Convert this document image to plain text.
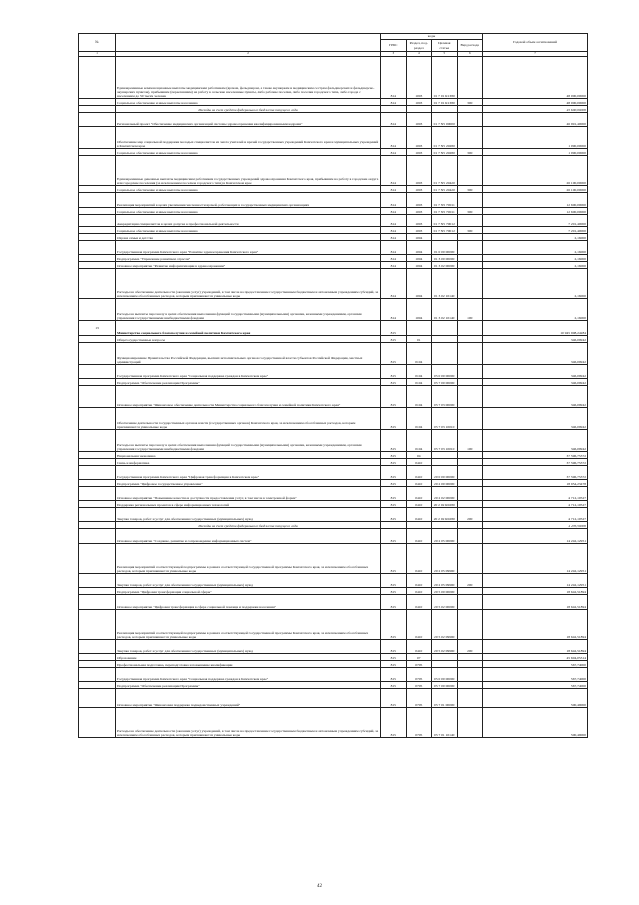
№		коды				Годовой объем ассигнований
		ГРБС	Раздел, под-раздел	Целевая статья	Вид расхода	
1	2	3	4	5	6	7
	Единовременные компенсационные выплаты медицинским работникам (врачам, фельдшерам, а также акушеркам и медицинским сестрам фельдшерских и фельдшерско-акушерских пунктов), прибывшим (переехавшим) на работу в сельские населенные пункты, либо рабочие поселки, либо поселки городского типа, либо города с населением до 50 тысяч человек	814	1003	01 7 01 R1380		48 000,00000
	Социальное обеспечение и иные выплаты населению	814	1003	01 7 01 R1380	300	48 000,00000
	Расходы за счет средств федерального бюджета текущего года					45 600,00000
	Региональный проект "Обеспечение медицинских организаций системы здравоохранения квалифицированными кадрами"	814	1003	01 7 N5 00000		46 991,40000
	Обеспечение мер социальной поддержки молодых специалистов из числа учителей и врачей государственных учреждений Камчатского края и муниципальных учреждений в Камчатском крае	814	1003	01 7 N5 20280		1 090,00000
	Социальное обеспечение и иные выплаты населению	814	1003	01 7 N5 20280	300	1 090,00000
	Единовременные денежные выплаты медицинским работникам государственных учреждений здравоохранения Камчатского края, прибывшим на работу в городские округа или городские поселения (за исключением поселков городского типа) в Камчатском крае	814	1003	01 7 N5 20420		26 100,00000
	Социальное обеспечение и иные выплаты населению	814	1003	01 7 N5 20420	300	26 100,00000
	Реализация мероприятий в целях увеличения численности врачей, работающих в государственных медицинских организациях	814	1003	01 7 N5 70011		12 600,00000
	Социальное обеспечение и иные выплаты населению	814	1003	01 7 N5 70011	300	12 600,00000
	Аккредитация специалистов в целях допуска к профессиональной деятельности	814	1003	01 7 N5 70012		7 201,40000
	Социальное обеспечение и иные выплаты населению	814	1003	01 7 N5 70012	300	7 201,40000
	Охрана семьи и детства	814	1004			2,16000
	Государственная программа Камчатского края "Развитие здравоохранения Камчатского края"	814	1004	01 0 00 00000		2,16000
	Подпрограмма "Управление развитием отрасли"	814	1004	01 3 00 00000		2,16000
	Основное мероприятие "Развитие информатизации в здравоохранении"	814	1004	01 3 02 00000		2,16000
	Расходы на обеспечение деятельности (оказание услуг) учреждений, в том числе на предоставление государственным бюджетным и автономным учреждениям субсидий, за исключением обособленных расходов, которым присваиваются уникальные коды	814	1004	01 3 02 10140		2,16000
	Расходы на выплаты персоналу в целях обеспечения выполнения функций государственными (муниципальными) органами, казенными учреждениями, органами управления государственными внебюджетными фондами	814	1004	01 3 02 10140	100	2,16000
13	Министерство социального благополучия и семейной политики Камчатского края	815				10 945 908,24284
	Общегосударственные вопросы	815	01			346,09942
	Функционирование Правительства Российской Федерации, высших исполнительных органов государственной власти субъектов Российской Федерации, местных администраций	815	0104			346,09942
	Государственная программа Камчатского края "Социальная поддержка граждан в Камчатском крае"	815	0104	05 0 00 00000		346,09942
	Подпрограмма "Обеспечение реализации Программы"	815	0104	05 7 00 00000		346,09942
	Основное мероприятие "Финансовое обеспечение деятельности Министерства социального благополучия и семейной политики Камчатского края"	815	0104	05 7 03 00000		346,09942
	Обеспечение деятельности государственных органов власти (государственных органов) Камчатского края, за исключением обособленных расходов, которым присваиваются уникальные коды	815	0104	05 7 03 10010		346,09942
	Расходы на выплаты персоналу в целях обеспечения выполнения функций государственными (муниципальными) органами, казенными учреждениями, органами управления государственными внебюджетными фондами	815	0104	05 7 03 10010	100	346,09942
	Национальная экономика	815	04			37 596,75372
	Связь и информатика	815	0410			37 596,75372
	Государственная программа Камчатского края "Цифровая трансформация в Камчатском крае"	815	0410	20 0 00 00000		37 596,75372
	Подпрограмма "Цифровое государственное управление"	815	0410	20 2 00 00000		18 954,23478
	Основное мероприятие "Повышение качества и доступности предоставления услуг, в том числе в электронной форме"	815	0410	20 2 02 00000		4 712,10527
	Поддержка региональных проектов в сфере информационных технологий	815	0410	20 2 02 R0280		4 712,10527
	Закупка товаров, работ и услуг для обеспечения государственных (муниципальных) нужд	815	0410	20 2 02 R0280	200	4 712,10527
	Расходы за счет средств федерального бюджета текущего года					4 476,50000
	Основное мероприятие "Создание, развитие и сопровождение информационных систем"	815	0410	20 2 05 00000		14 242,12951
	Реализация мероприятий соответствующей подпрограммы в рамках соответствующей государственной программы Камчатского края, за исключением обособленных расходов, которым присваиваются уникальные коды	815	0410	20 2 05 09990		14 242,12951
	Закупка товаров, работ и услуг для обеспечения государственных (муниципальных) нужд	815	0410	20 2 05 09990	200	14 242,12951
	Подпрограмма "Цифровая трансформация социальной сферы"	815	0410	20 5 00 00000		18 642,51894
	Основное мероприятие "Цифровая трансформация в сфере социальной помощи и поддержки населения"	815	0410	20 5 02 00000		18 642,51894
	Реализация мероприятий соответствующей подпрограммы в рамках соответствующей государственной программы Камчатского края, за исключением обособленных расходов, которым присваиваются уникальные коды	815	0410	20 5 02 09990		18 642,51894
	Закупка товаров, работ и услуг для обеспечения государственных (муниципальных) нужд	815	0410	20 5 02 09990	200	18 642,51894
	Образование	815	07			45 604,05314
	Профессиональная подготовка, переподготовка и повышение квалификации	815	0705			567,74000
	Государственная программа Камчатского края "Социальная поддержка граждан в Камчатском крае"	815	0705	05 0 00 00000		567,74000
	Подпрограмма "Обеспечение реализации Программы"	815	0705	05 7 00 00000		567,74000
	Основное мероприятие "Финансовая поддержка подведомственных учреждений"	815	0705	05 7 01 00000		500,49000
	Расходы на обеспечение деятельности (оказание услуг) учреждений, в том числе на предоставление государственным бюджетным и автономным учреждениям субсидий, за исключением обособленных расходов, которым присваиваются уникальные коды	815	0705	05 7 01 10140		500,49000
42
